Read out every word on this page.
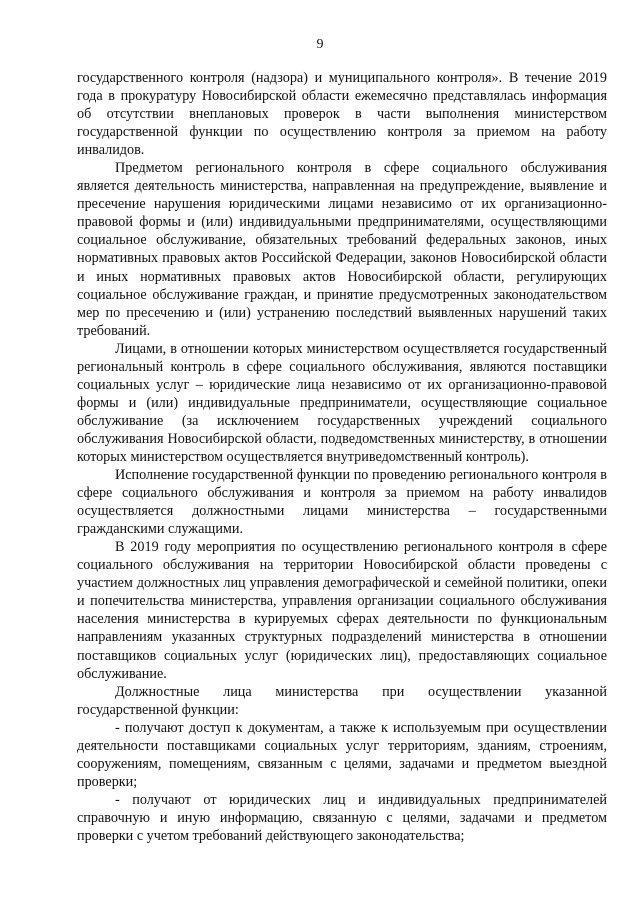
9

государственного контроля (надзора) и муниципального контроля». В течение 2019 года в прокуратуру Новосибирской области ежемесячно представлялась информация об отсутствии внеплановых проверок в части выполнения министерством государственной функции по осуществлению контроля за приемом на работу инвалидов.

Предметом регионального контроля в сфере социального обслуживания является деятельность министерства, направленная на предупреждение, выявление и пресечение нарушения юридическими лицами независимо от их организационно-правовой формы и (или) индивидуальными предпринимателями, осуществляющими социальное обслуживание, обязательных требований федеральных законов, иных нормативных правовых актов Российской Федерации, законов Новосибирской области и иных нормативных правовых актов Новосибирской области, регулирующих социальное обслуживание граждан, и принятие предусмотренных законодательством мер по пресечению и (или) устранению последствий выявленных нарушений таких требований.

Лицами, в отношении которых министерством осуществляется государственный региональный контроль в сфере социального обслуживания, являются поставщики социальных услуг – юридические лица независимо от их организационно-правовой формы и (или) индивидуальные предприниматели, осуществляющие социальное обслуживание (за исключением государственных учреждений социального обслуживания Новосибирской области, подведомственных министерству, в отношении которых министерством осуществляется внутриведомственный контроль).

Исполнение государственной функции по проведению регионального контроля в сфере социального обслуживания и контроля за приемом на работу инвалидов осуществляется должностными лицами министерства – государственными гражданскими служащими.

В 2019 году мероприятия по осуществлению регионального контроля в сфере социального обслуживания на территории Новосибирской области проведены с участием должностных лиц управления демографической и семейной политики, опеки и попечительства министерства, управления организации социального обслуживания населения министерства в курируемых сферах деятельности по функциональным направлениям указанных структурных подразделений министерства в отношении поставщиков социальных услуг (юридических лиц), предоставляющих социальное обслуживание.

Должностные лица министерства при осуществлении указанной государственной функции:

- получают доступ к документам, а также к используемым при осуществлении деятельности поставщиками социальных услуг территориям, зданиям, строениям, сооружениям, помещениям, связанным с целями, задачами и предметом выездной проверки;

- получают от юридических лиц и индивидуальных предпринимателей справочную и иную информацию, связанную с целями, задачами и предметом проверки с учетом требований действующего законодательства;
